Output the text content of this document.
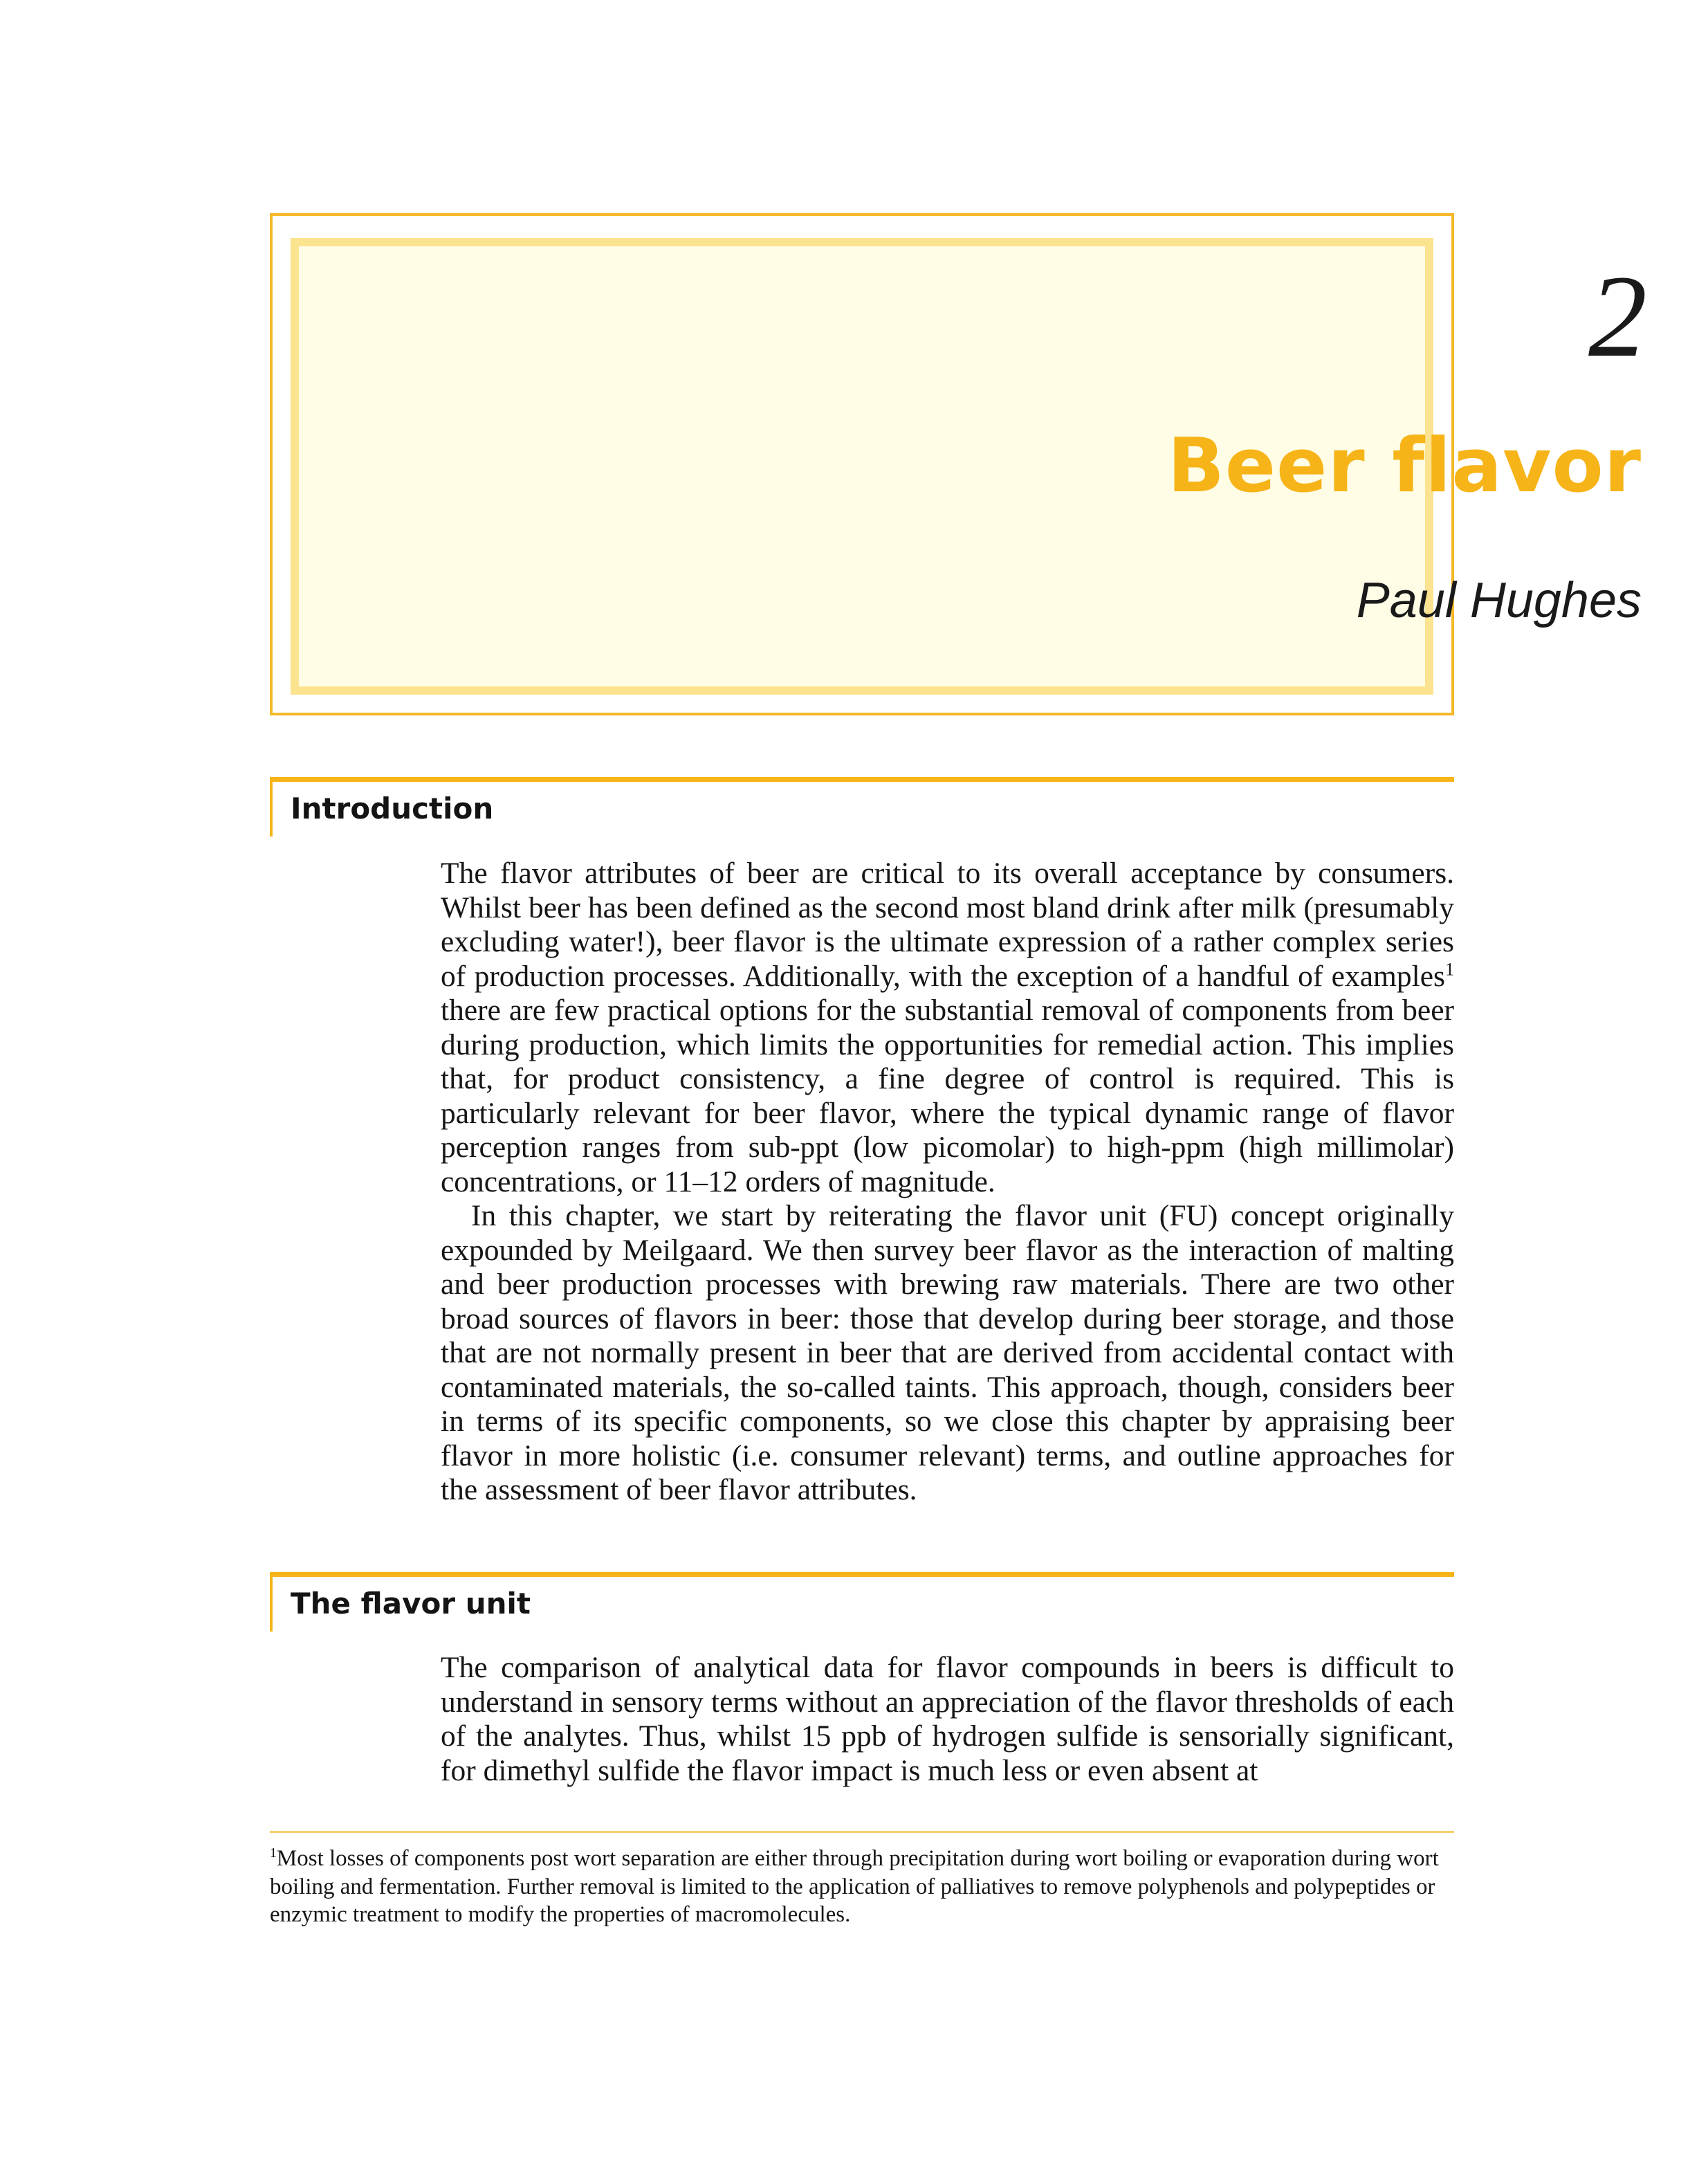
2
Beer flavor
Paul Hughes
Introduction

The flavor attributes of beer are critical to its overall acceptance by consumers. Whilst beer has been defined as the second most bland drink after milk (presumably excluding water!), beer flavor is the ultimate expression of a rather complex series of production processes. Additionally, with the exception of a handful of examples$^1$ there are few practical options for the substantial removal of components from beer during production, which limits the opportunities for remedial action. This implies that, for product consistency, a fine degree of control is required. This is particularly relevant for beer flavor, where the typical dynamic range of flavor perception ranges from sub-ppt (low picomolar) to high-ppm (high millimolar) concentrations, or 11–12 orders of magnitude.

In this chapter, we start by reiterating the flavor unit (FU) concept originally expounded by Meilgaard. We then survey beer flavor as the interaction of malting and beer production processes with brewing raw materials. There are two other broad sources of flavors in beer: those that develop during beer storage, and those that are not normally present in beer that are derived from accidental contact with contaminated materials, the so-called taints. This approach, though, considers beer in terms of its specific components, so we close this chapter by appraising beer flavor in more holistic (i.e. consumer relevant) terms, and outline approaches for the assessment of beer flavor attributes.

The flavor unit

The comparison of analytical data for flavor compounds in beers is difficult to understand in sensory terms without an appreciation of the flavor thresholds of each of the analytes. Thus, whilst 15 ppb of hydrogen sulfide is sensorially significant, for dimethyl sulfide the flavor impact is much less or even absent at

$^1$Most losses of components post wort separation are either through precipitation during wort boiling or evaporation during wort boiling and fermentation. Further removal is limited to the application of palliatives to remove polyphenols and polypeptides or enzymic treatment to modify the properties of macromolecules.
